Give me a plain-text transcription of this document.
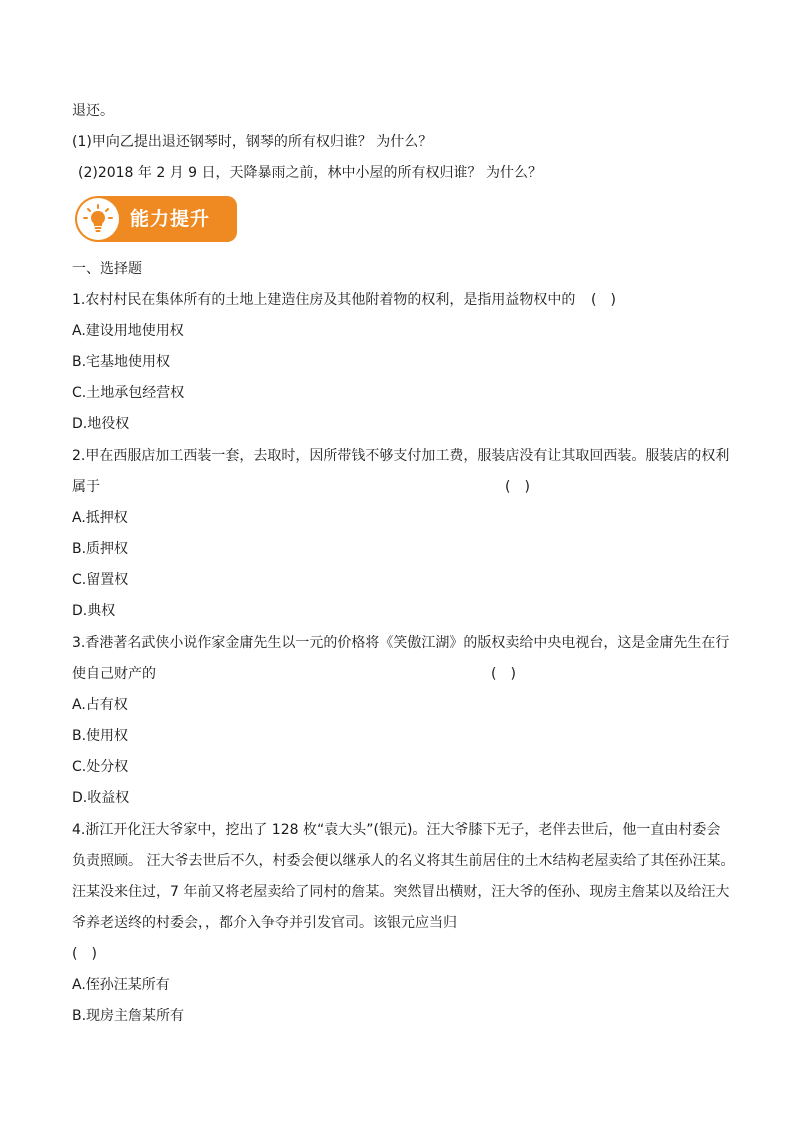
退还。
(1)甲向乙提出退还钢琴时，钢琴的所有权归谁？ 为什么？
(2)2018 年 2 月 9 日，天降暴雨之前，林中小屋的所有权归谁？ 为什么？
能力提升
一、选择题
1.农村村民在集体所有的土地上建造住房及其他附着物的权利，是指用益物权中的	(　)
A.建设用地使用权
B.宅基地使用权
C.土地承包经营权
D.地役权
2.甲在西服店加工西装一套，去取时，因所带钱不够支付加工费，服装店没有让其取回西装。服装店的权利
属于	(　)
A.抵押权
B.质押权
C.留置权
D.典权
3.香港著名武侠小说作家金庸先生以一元的价格将《笑傲江湖》的版权卖给中央电视台，这是金庸先生在行
使自己财产的	(　)
A.占有权
B.使用权
C.处分权
D.收益权
4.浙江开化汪大爷家中，挖出了 128 枚“袁大头”(银元)。汪大爷膝下无子，老伴去世后，他一直由村委会
负责照顾。 汪大爷去世后不久，村委会便以继承人的名义将其生前居住的土木结构老屋卖给了其侄孙汪某。
汪某没来住过，7 年前又将老屋卖给了同村的詹某。突然冒出横财，汪大爷的侄孙、现房主詹某以及给汪大
爷养老送终的村委会，，都介入争夺并引发官司。该银元应当归
(　)
A.侄孙汪某所有
B.现房主詹某所有
